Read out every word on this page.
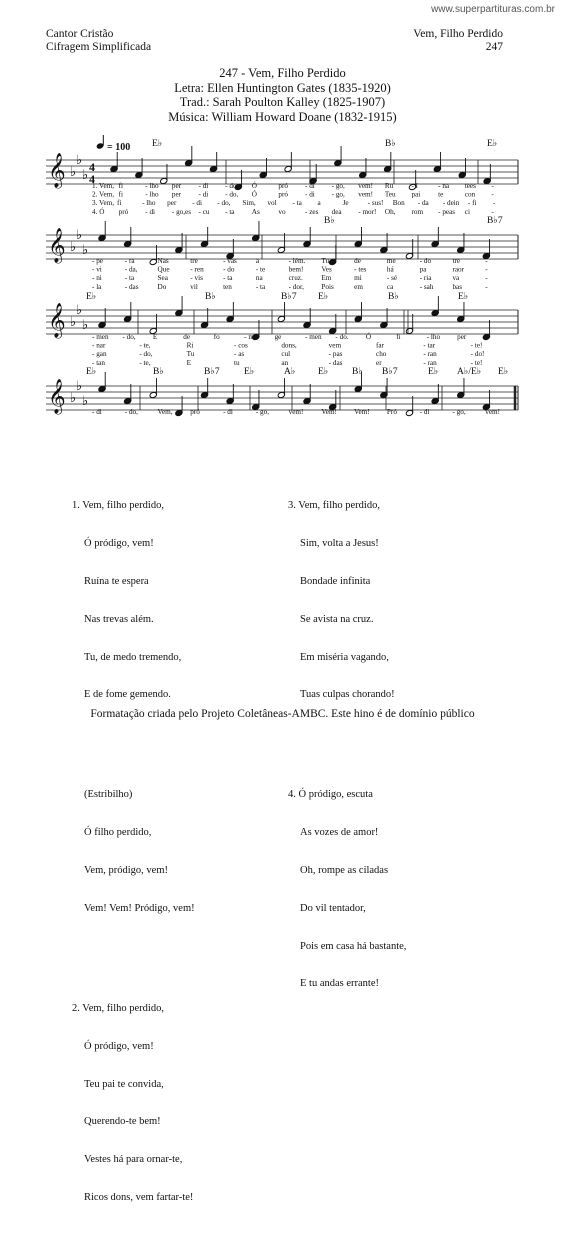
www.superpartituras.com.br
Cantor Cristão
Cifragem Simplificada
Vem, Filho Perdido
247
247 - Vem, Filho Perdido
Letra: Ellen Huntington Gates (1835-1920)
Trad.: Sarah Poulton Kalley (1825-1907)
Música: William Howard Doane (1832-1915)
= 100
𝄞 ♭
♭
♭ 4
4
E♭	B♭	E♭
1. Vem, fi	- lho per - di - do, Ó	pró - di - go, vem! Ru	- í	- na tees -
2. Vem, fi	- lho per - di - do, Ó	pró - di - go, vem! Teu pai te	con -
3. Vem, fi	- lho per - di - do, Sim, vol - ta a	Je	- sus! Bon - da - dein - fi -
4. Ó pró - di - go,es - cu - ta As	vo	- zes dea - mor! Oh, rom - peas ci	-
𝄞 ♭
♭
♭
B♭	B♭7
- pe	- ra	Nas	tre	- vas	a	- lém. Tu,	de	me	- do	tre	-
- vi	- da,	Que	- ren	- do	- te	bem! Ves	- tes	há	pa	raor	-
- ni	- ta	Sea	- vis	- ta	na	cruz.	Em	mi	- sé	- ria	va	-
- la	- das	Do	vil	ten	- ta	- dor, Pois	em	ca	- sah	bas	-
𝄞 ♭
♭
♭
E♭	B♭	B♭7 E♭	B♭	E♭
- men - do, E	de	fo	- me ge	- men - do. Ó	fi	- lho per	-
- nar	- te,	Ri	- cos	dons,	vem	far	- tar	- te!
- gan	- do,	Tu	- as	cul	- pas	cho	- ran	- do!
- tan	- te,	E	tu	an	- das	er	- ran	- te!
𝄞 ♭
♭
♭
E♭	B♭	B♭7	E♭	A♭ E♭ B♭ B♭7	E♭ A♭/E♭ E♭
- di	- do,	Vem, pró	- di	- go,	vem! Vem! Vem! Pró	- di	- go,	vem!

1. Vem, filho perdido,

Ó pródigo, vem!

Ruína te espera

Nas trevas além.

Tu, de medo tremendo,

E de fome gemendo.

(Estribilho)

Ó filho perdido,

Vem, pródigo, vem!

Vem! Vem! Pródigo, vem!

2. Vem, filho perdido,

Ó pródigo, vem!

Teu pai te convida,

Querendo-te bem!

Vestes há para ornar-te,

Ricos dons, vem fartar-te!

3. Vem, filho perdido,

Sim, volta a Jesus!

Bondade infinita

Se avista na cruz.

Em miséria vagando,

Tuas culpas chorando!

4. Ó pródigo, escuta

As vozes de amor!

Oh, rompe as ciladas

Do vil tentador,

Pois em casa há bastante,

E tu andas errante!

Formatação criada pelo Projeto Coletâneas-AMBC. Este hino é de domínio público
